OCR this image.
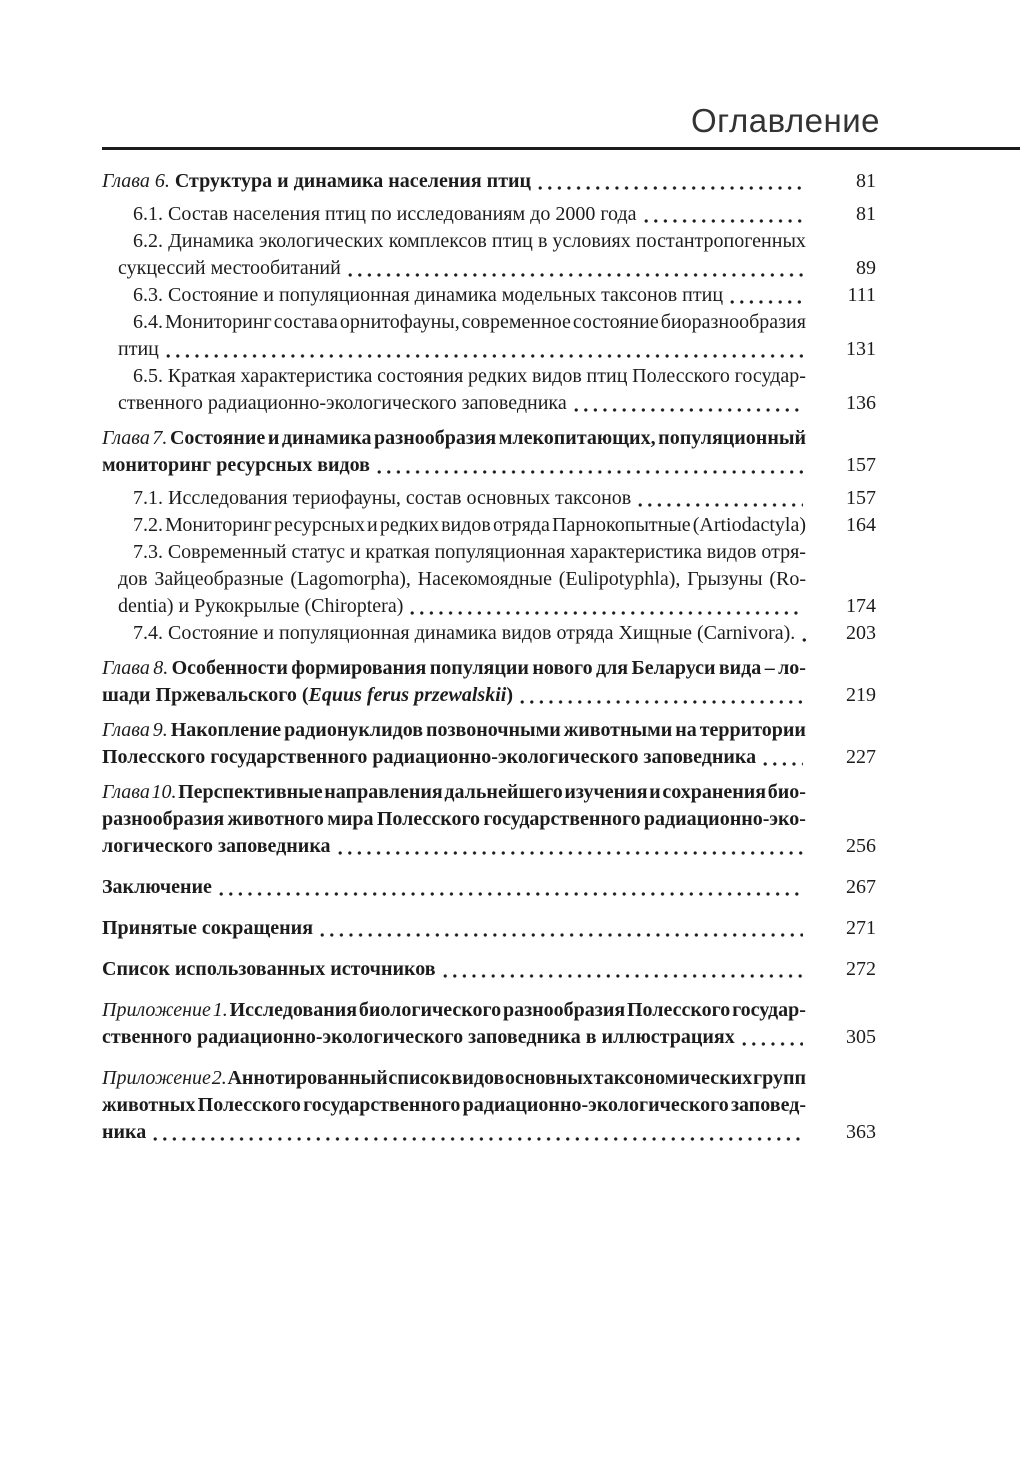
Оглавление
Глава 6. Структура и динамика населения птиц	81
6.1. Состав населения птиц по исследованиям до 2000 года	81
6.2. Динамика экологических комплексов птиц в условиях постантропогенных
сукцессий местообитаний	89
6.3. Состояние и популяционная динамика модельных таксонов птиц	111
6.4. Мониторинг состава орнитофауны, современное состояние биоразнообразия
птиц	131
6.5. Краткая характеристика состояния редких видов птиц Полесского государ-
ственного радиационно-экологического заповедника	136
Глава 7. Состояние и динамика разнообразия млекопитающих, популяционный
мониторинг ресурсных видов	157
7.1. Исследования териофауны, состав основных таксонов	157
7.2. Мониторинг ресурсных и редких видов отряда Парнокопытные (Artiodactyla)	164
7.3. Современный статус и краткая популяционная характеристика видов отря-
дов Зайцеобразные (Lagomorpha), Насекомоядные (Eulipotyphla), Грызуны (Ro-
dentia) и Рукокрылые (Chiroptera)	174
7.4. Состояние и популяционная динамика видов отряда Хищные (Carnivora).	203
Глава 8. Особенности формирования популяции нового для Беларуси вида – ло-
шади Пржевальского (Equus ferus przewalskii)	219
Глава 9. Накопление радионуклидов позвоночными животными на территории
Полесского государственного радиационно-экологического заповедника	227
Глава 10. Перспективные направления дальнейшего изучения и сохранения био-
разнообразия животного мира Полесского государственного радиационно-эко-
логического заповедника	256
Заключение	267
Принятые сокращения	271
Список использованных источников	272
Приложение 1. Исследования биологического разнообразия Полесского государ-
ственного радиационно-экологического заповедника в иллюстрациях	305
Приложение 2. Аннотированный список видов основных таксономических групп
животных Полесского государственного радиационно-экологического заповед-
ника	363
